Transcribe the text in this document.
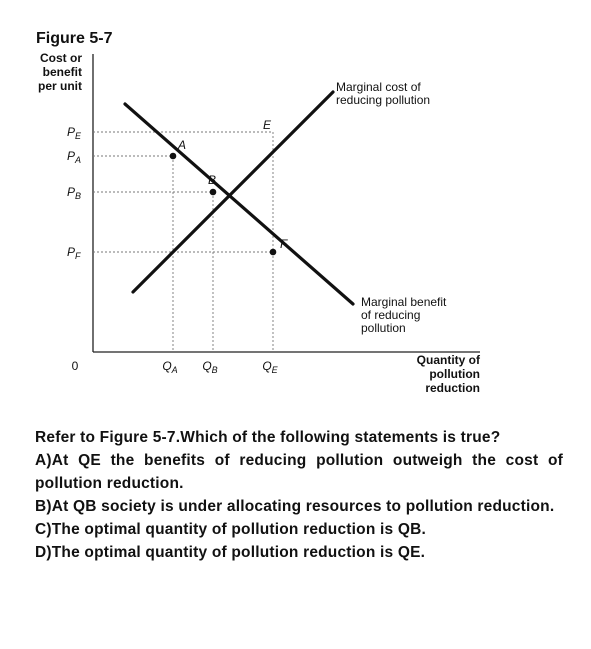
Figure 5-7
Cost or
benefit
per unit
0
$P_E$
$P_A$
$P_B$
$P_F$
$Q_A$ $Q_B$	$Q_E$
Marginal cost of
reducing pollution
Marginal benefit
of reducing
pollution
Quantity of
pollution
reduction
A
B
E
F

Refer to Figure 5-7.Which of the following statements is true?

A)At QE the benefits of reducing pollution outweigh the cost of pollution reduction.

B)At QB society is under allocating resources to pollution reduction.

C)The optimal quantity of pollution reduction is QB.

D)The optimal quantity of pollution reduction is QE.
